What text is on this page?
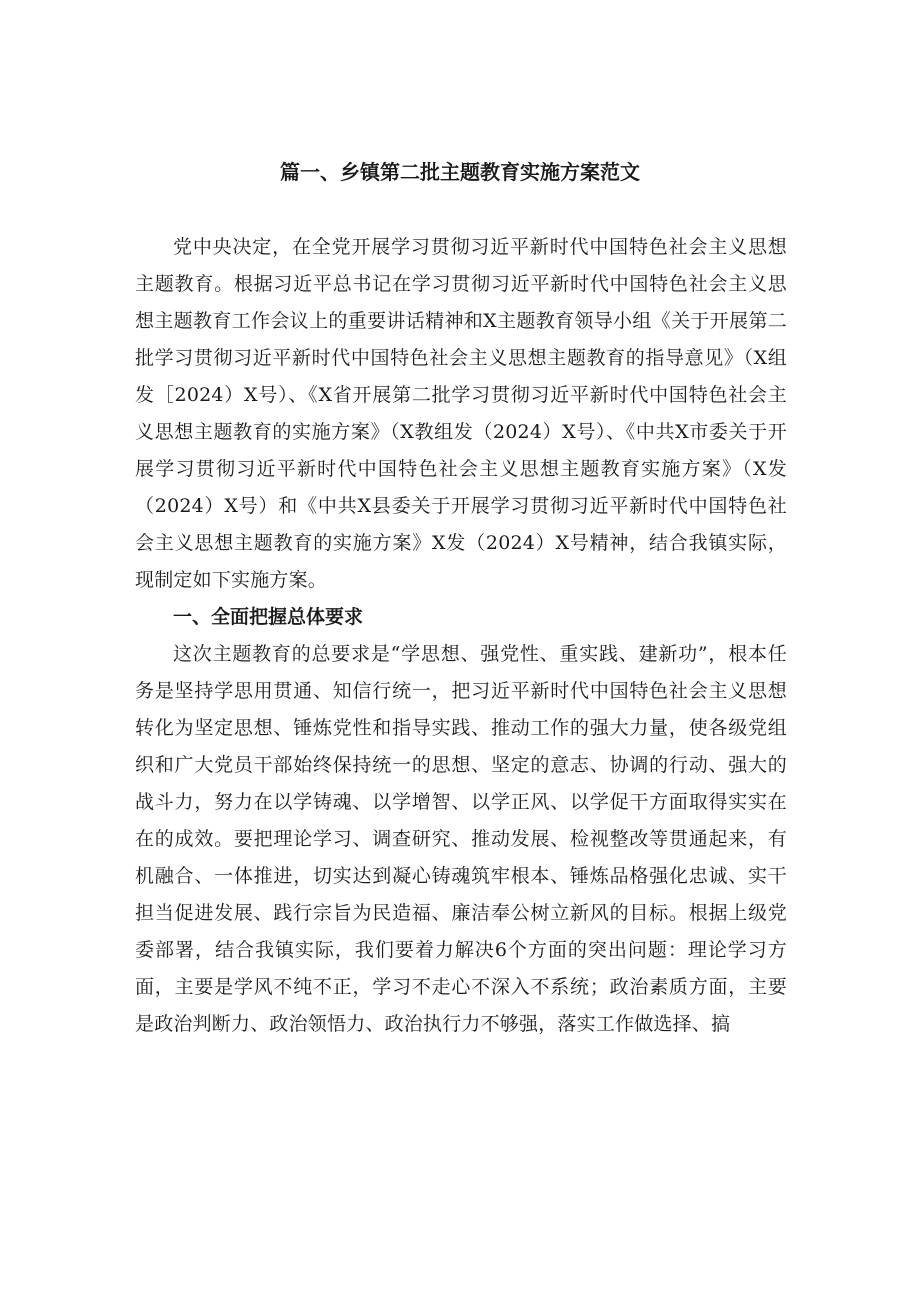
篇一、乡镇第二批主题教育实施方案范文

党中央决定，在全党开展学习贯彻习近平新时代中国特色社会主义思想主题教育。根据习近平总书记在学习贯彻习近平新时代中国特色社会主义思想主题教育工作会议上的重要讲话精神和X主题教育领导小组《关于开展第二批学习贯彻习近平新时代中国特色社会主义思想主题教育的指导意见》（X组发［2024）X号）、《X省开展第二批学习贯彻习近平新时代中国特色社会主义思想主题教育的实施方案》（X教组发（2024）X号）、《中共X市委关于开展学习贯彻习近平新时代中国特色社会主义思想主题教育实施方案》（X发（2024）X号）和《中共X县委关于开展学习贯彻习近平新时代中国特色社会主义思想主题教育的实施方案》X发（2024）X号精神，结合我镇实际，现制定如下实施方案。

一、全面把握总体要求

这次主题教育的总要求是“学思想、强党性、重实践、建新功”，根本任务是坚持学思用贯通、知信行统一，把习近平新时代中国特色社会主义思想转化为坚定思想、锤炼党性和指导实践、推动工作的强大力量，使各级党组织和广大党员干部始终保持统一的思想、坚定的意志、协调的行动、强大的战斗力，努力在以学铸魂、以学增智、以学正风、以学促干方面取得实实在在的成效。要把理论学习、调查研究、推动发展、检视整改等贯通起来，有机融合、一体推进，切实达到凝心铸魂筑牢根本、锤炼品格强化忠诚、实干担当促进发展、践行宗旨为民造福、廉洁奉公树立新风的目标。根据上级党委部署，结合我镇实际，我们要着力解决6个方面的突出问题：理论学习方面，主要是学风不纯不正，学习不走心不深入不系统；政治素质方面，主要是政治判断力、政治领悟力、政治执行力不够强，落实工作做选择、搞
